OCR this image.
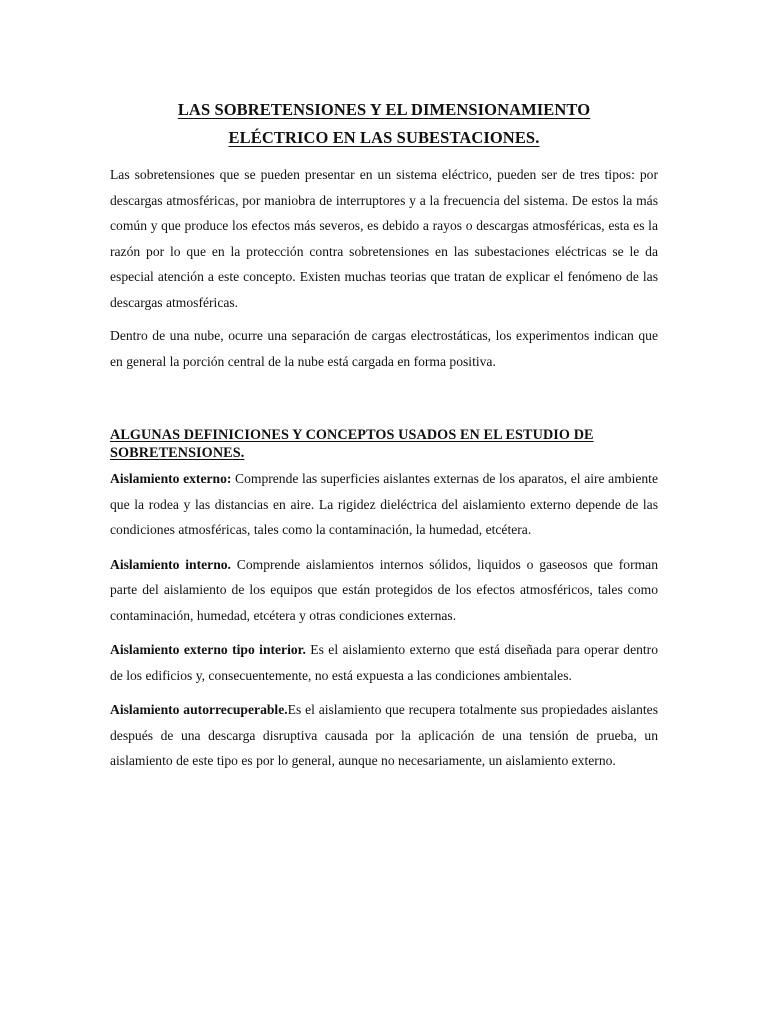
LAS SOBRETENSIONES Y EL DIMENSIONAMIENTO
ELÉCTRICO EN LAS SUBESTACIONES.

Las sobretensiones que se pueden presentar en un sistema eléctrico, pueden ser de tres tipos: por descargas atmosféricas, por maniobra de interruptores y a la frecuencia del sistema. De estos la más común y que produce los efectos más severos, es debido a rayos o descargas atmosféricas, esta es la razón por lo que en la protección contra sobretensiones en las subestaciones eléctricas se le da especial atención a este concepto. Existen muchas teorias que tratan de explicar el fenómeno de las descargas atmosféricas.

Dentro de una nube, ocurre una separación de cargas electrostáticas, los experimentos indican que en general la porción central de la nube está cargada en forma positiva.

ALGUNAS DEFINICIONES Y CONCEPTOS USADOS EN EL ESTUDIO DE SOBRETENSIONES.

Aislamiento externo: Comprende las superficies aislantes externas de los aparatos, el aire ambiente que la rodea y las distancias en aire. La rigidez dieléctrica del aislamiento externo depende de las condiciones atmosféricas, tales como la contaminación, la humedad, etcétera.

Aislamiento interno. Comprende aislamientos internos sólidos, liquidos o gaseosos que forman parte del aislamiento de los equipos que están protegidos de los efectos atmosféricos, tales como contaminación, humedad, etcétera y otras condiciones externas.

Aislamiento externo tipo interior. Es el aislamiento externo que está diseñada para operar dentro de los edificios y, consecuentemente, no está expuesta a las condiciones ambientales.

Aislamiento autorrecuperable.Es el aislamiento que recupera totalmente sus propiedades aislantes después de una descarga disruptiva causada por la aplicación de una tensión de prueba, un aislamiento de este tipo es por lo general, aunque no necesariamente, un aislamiento externo.
